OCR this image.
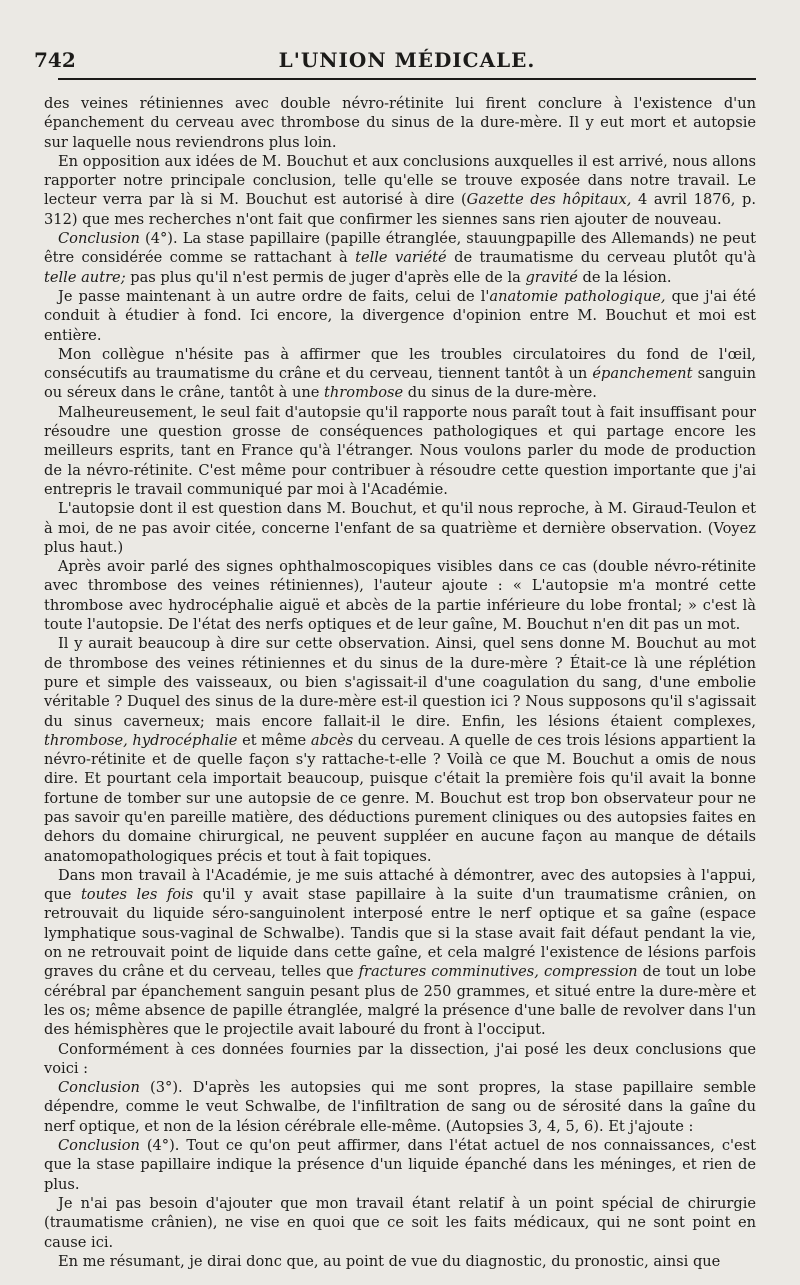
742	L'UNION MÉDICALE.

des veines rétiniennes avec double névro-rétinite lui firent conclure à l'existence d'un épanchement du cerveau avec thrombose du sinus de la dure-mère. Il y eut mort et autopsie sur laquelle nous reviendrons plus loin.

En opposition aux idées de M. Bouchut et aux conclusions auxquelles il est arrivé, nous allons rapporter notre principale conclusion, telle qu'elle se trouve exposée dans notre travail. Le lecteur verra par là si M. Bouchut est autorisé à dire (Gazette des hôpitaux, 4 avril 1876, p. 312) que mes recherches n'ont fait que confirmer les siennes sans rien ajouter de nouveau.

Conclusion (4°). La stase papillaire (papille étranglée, stauungpapille des Allemands) ne peut être considérée comme se rattachant à telle variété de traumatisme du cerveau plutôt qu'à telle autre; pas plus qu'il n'est permis de juger d'après elle de la gravité de la lésion.

Je passe maintenant à un autre ordre de faits, celui de l'anatomie pathologique, que j'ai été conduit à étudier à fond. Ici encore, la divergence d'opinion entre M. Bouchut et moi est entière.

Mon collègue n'hésite pas à affirmer que les troubles circulatoires du fond de l'œil, consécutifs au traumatisme du crâne et du cerveau, tiennent tantôt à un épanchement sanguin ou séreux dans le crâne, tantôt à une thrombose du sinus de la dure-mère.

Malheureusement, le seul fait d'autopsie qu'il rapporte nous paraît tout à fait insuffisant pour résoudre une question grosse de conséquences pathologiques et qui partage encore les meilleurs esprits, tant en France qu'à l'étranger. Nous voulons parler du mode de production de la névro-rétinite. C'est même pour contribuer à résoudre cette question importante que j'ai entrepris le travail communiqué par moi à l'Académie.

L'autopsie dont il est question dans M. Bouchut, et qu'il nous reproche, à M. Giraud-Teulon et à moi, de ne pas avoir citée, concerne l'enfant de sa quatrième et dernière observation. (Voyez plus haut.)

Après avoir parlé des signes ophthalmoscopiques visibles dans ce cas (double névro-rétinite avec thrombose des veines rétiniennes), l'auteur ajoute : « L'autopsie m'a montré cette thrombose avec hydrocéphalie aiguë et abcès de la partie inférieure du lobe frontal; » c'est là toute l'autopsie. De l'état des nerfs optiques et de leur gaîne, M. Bouchut n'en dit pas un mot.

Il y aurait beaucoup à dire sur cette observation. Ainsi, quel sens donne M. Bouchut au mot de thrombose des veines rétiniennes et du sinus de la dure-mère ? Était-ce là une réplétion pure et simple des vaisseaux, ou bien s'agissait-il d'une coagulation du sang, d'une embolie véritable ? Duquel des sinus de la dure-mère est-il question ici ? Nous supposons qu'il s'agissait du sinus caverneux; mais encore fallait-il le dire. Enfin, les lésions étaient complexes, thrombose, hydrocéphalie et même abcès du cerveau. A quelle de ces trois lésions appartient la névro-rétinite et de quelle façon s'y rattache-t-elle ? Voilà ce que M. Bouchut a omis de nous dire. Et pourtant cela importait beaucoup, puisque c'était la première fois qu'il avait la bonne fortune de tomber sur une autopsie de ce genre. M. Bouchut est trop bon observateur pour ne pas savoir qu'en pareille matière, des déductions purement cliniques ou des autopsies faites en dehors du domaine chirurgical, ne peuvent suppléer en aucune façon au manque de détails anatomopathologiques précis et tout à fait topiques.

Dans mon travail à l'Académie, je me suis attaché à démontrer, avec des autopsies à l'appui, que toutes les fois qu'il y avait stase papillaire à la suite d'un traumatisme crânien, on retrouvait du liquide séro-sanguinolent interposé entre le nerf optique et sa gaîne (espace lymphatique sous-vaginal de Schwalbe). Tandis que si la stase avait fait défaut pendant la vie, on ne retrouvait point de liquide dans cette gaîne, et cela malgré l'existence de lésions parfois graves du crâne et du cerveau, telles que fractures comminutives, compression de tout un lobe cérébral par épanchement sanguin pesant plus de 250 grammes, et situé entre la dure-mère et les os; même absence de papille étranglée, malgré la présence d'une balle de revolver dans l'un des hémisphères que le projectile avait labouré du front à l'occiput.

Conformément à ces données fournies par la dissection, j'ai posé les deux conclusions que voici :

Conclusion (3°). D'après les autopsies qui me sont propres, la stase papillaire semble dépendre, comme le veut Schwalbe, de l'infiltration de sang ou de sérosité dans la gaîne du nerf optique, et non de la lésion cérébrale elle-même. (Autopsies 3, 4, 5, 6). Et j'ajoute :

Conclusion (4°). Tout ce qu'on peut affirmer, dans l'état actuel de nos connaissances, c'est que la stase papillaire indique la présence d'un liquide épanché dans les méninges, et rien de plus.

Je n'ai pas besoin d'ajouter que mon travail étant relatif à un point spécial de chirurgie (traumatisme crânien), ne vise en quoi que ce soit les faits médicaux, qui ne sont point en cause ici.

En me résumant, je dirai donc que, au point de vue du diagnostic, du pronostic, ainsi que
